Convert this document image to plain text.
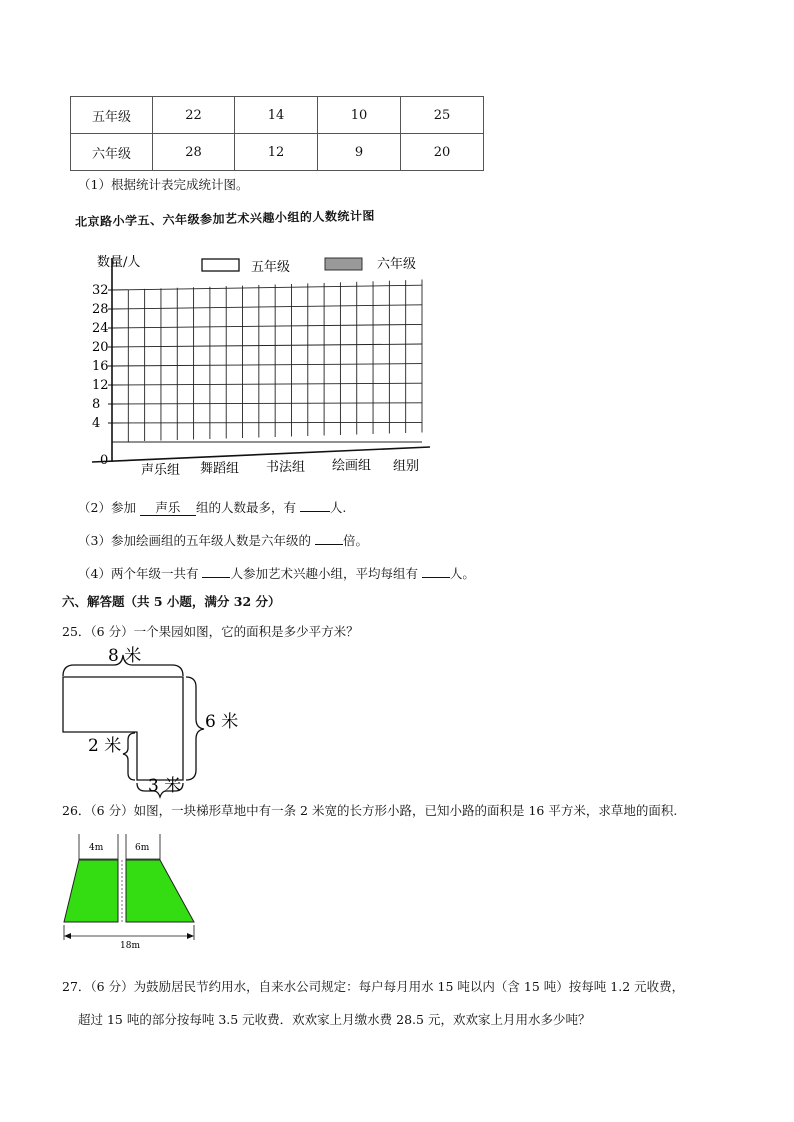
五年级	22	14	10	25
六年级	28	12	9	20
（1）根据统计表完成统计图。
北京路小学五、六年级参加艺术兴趣小组的人数统计图
0
4
8
12
16
20
24
28
32
声乐组 舞蹈组 书法组 绘画组
数量/人	五年级	六年级
组别
（2）参加 声乐 组的人数最多，有 人.
（3）参加绘画组的五年级人数是六年级的 倍。
（4）两个年级一共有 人参加艺术兴趣小组，平均每组有 人。
六、解答题（共 5 小题，满分 32 分）
25．（6 分）一个果园如图，它的面积是多少平方米？
8 米
6 米
2 米
3 米
26．（6 分）如图，一块梯形草地中有一条 2 米宽的长方形小路，已知小路的面积是 16 平方米，求草地的面积.
4m	6m
18m
27．（6 分）为鼓励居民节约用水，自来水公司规定：每户每月用水 15 吨以内（含 15 吨）按每吨 1.2 元收费，
超过 15 吨的部分按每吨 3.5 元收费．欢欢家上月缴水费 28.5 元，欢欢家上月用水多少吨？
